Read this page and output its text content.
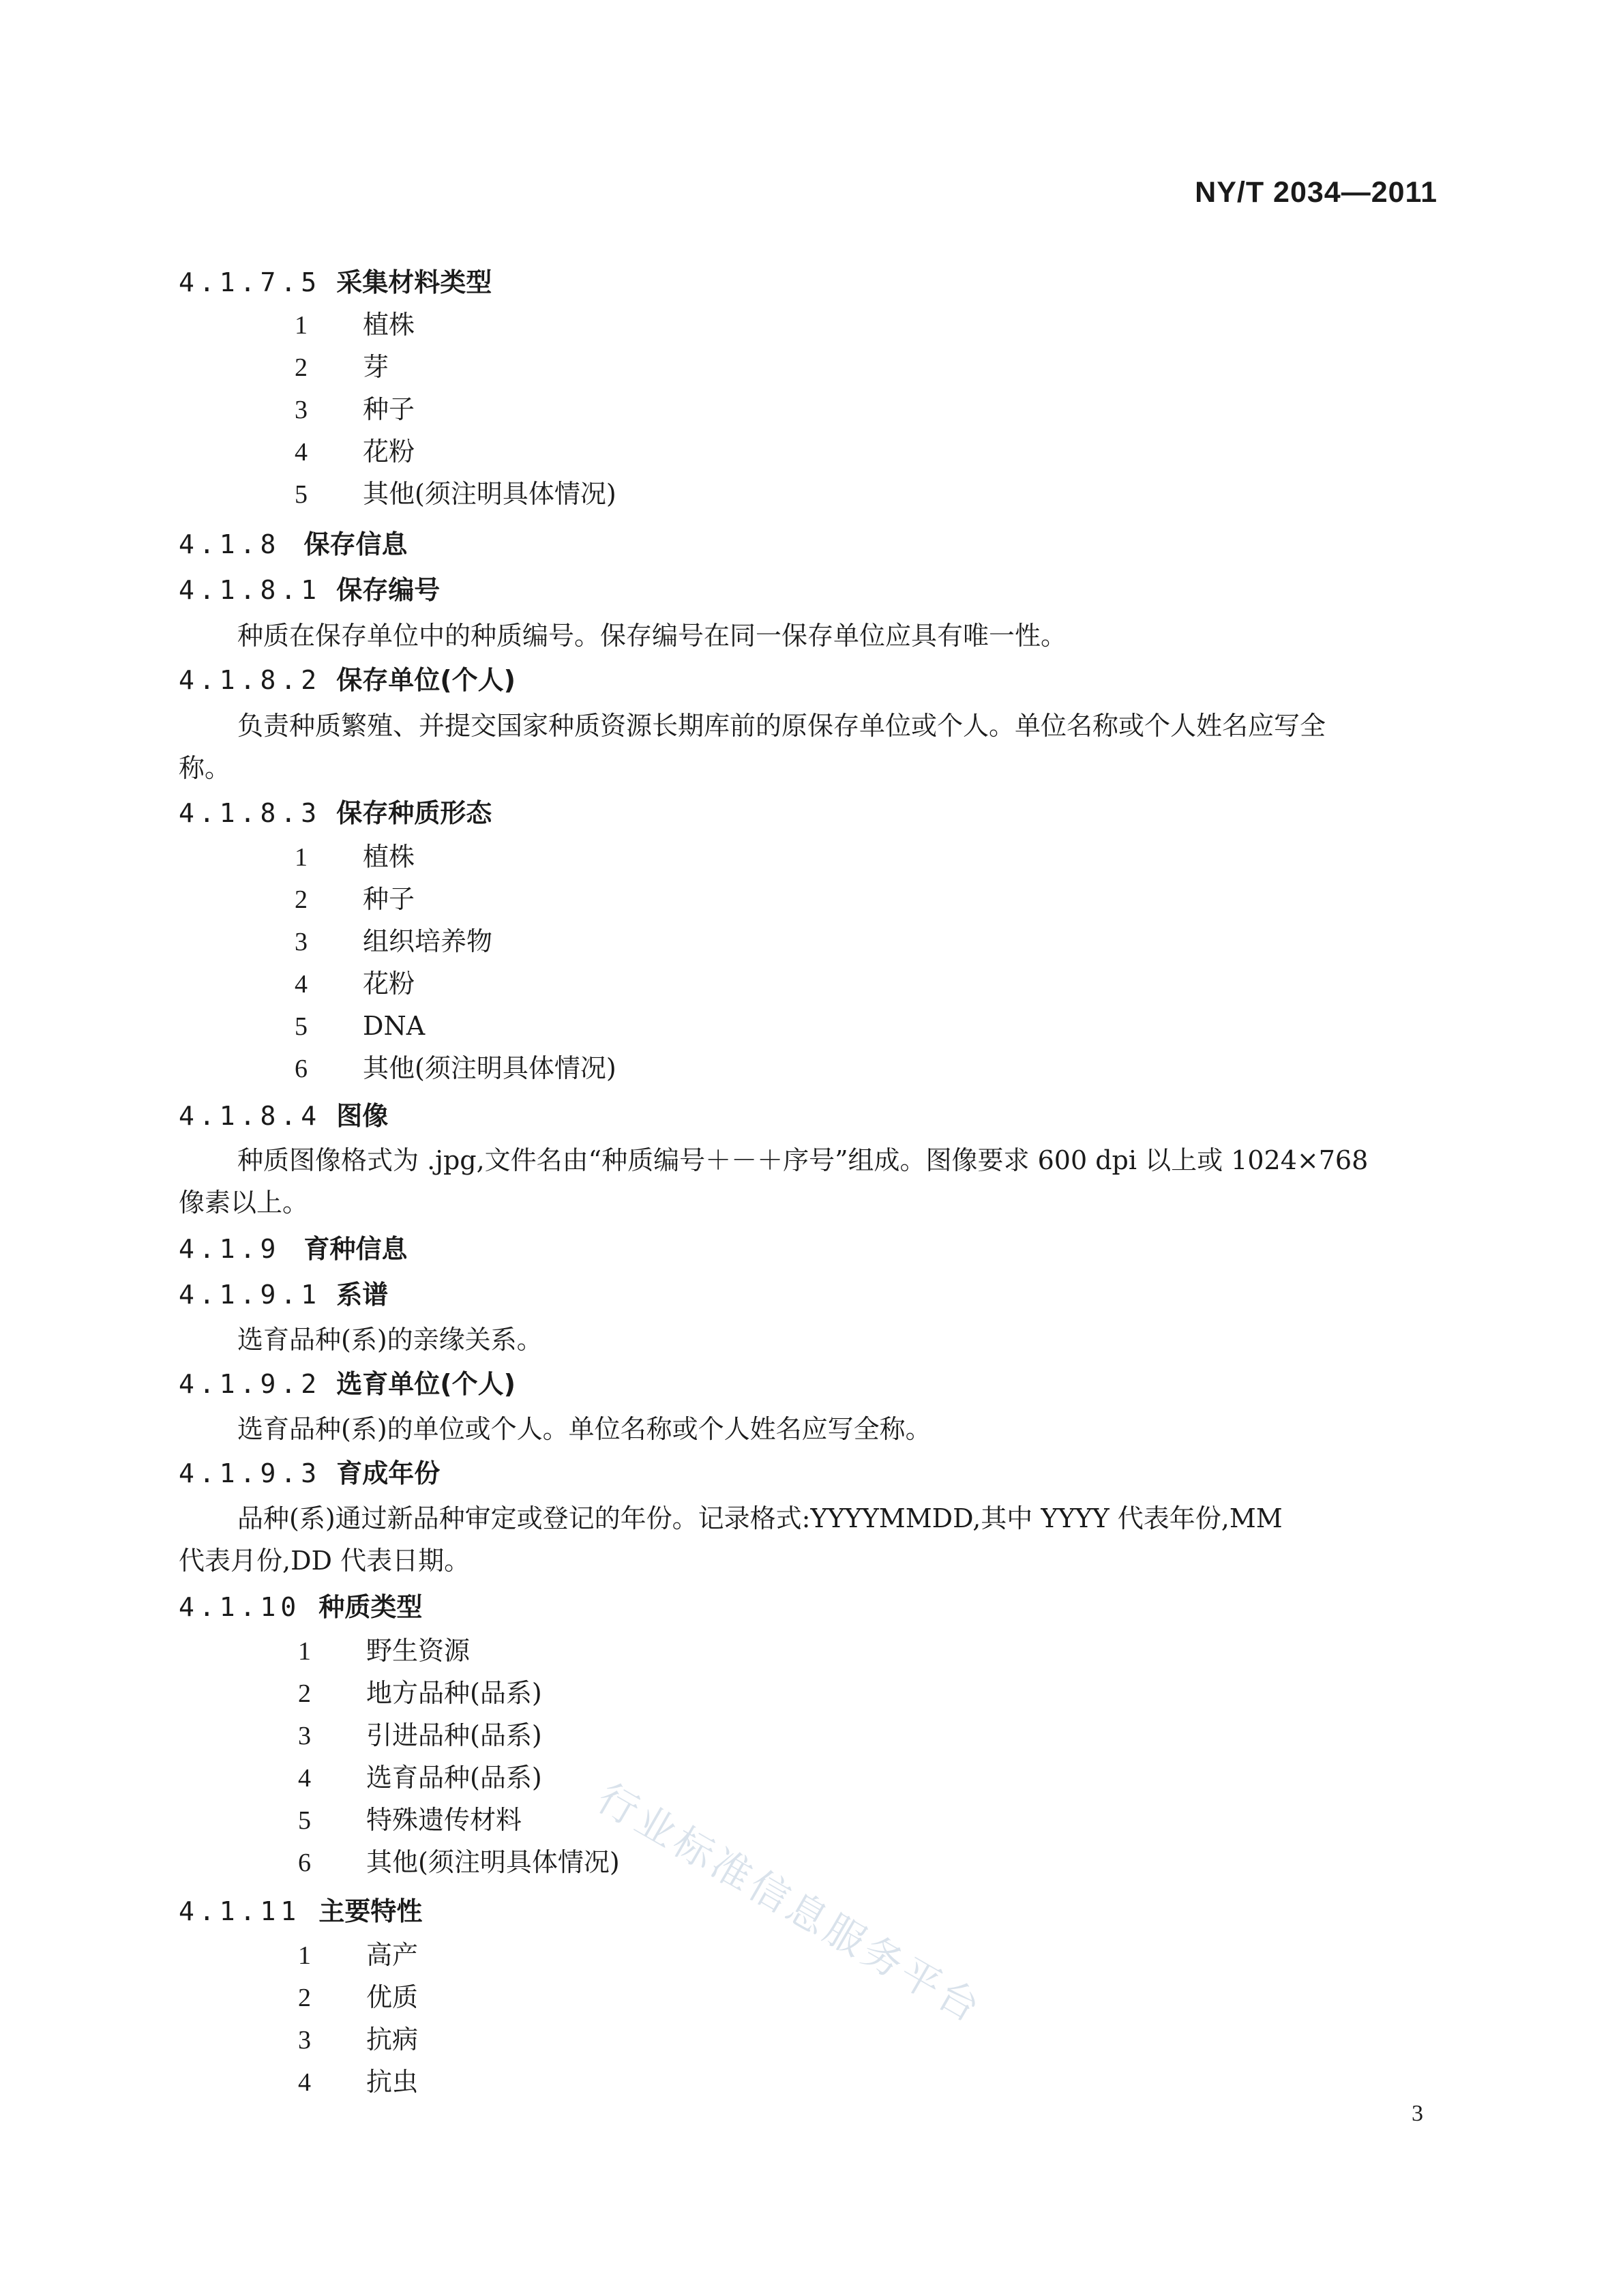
NY/T 2034—2011
4.1.7.5 采集材料类型
1 植株
2 芽
3 种子
4 花粉
5 其他(须注明具体情况)
4.1.8 保存信息
4.1.8.1 保存编号
种质在保存单位中的种质编号。保存编号在同一保存单位应具有唯一性。
4.1.8.2 保存单位(个人)
负责种质繁殖、并提交国家种质资源长期库前的原保存单位或个人。单位名称或个人姓名应写全
称。
4.1.8.3 保存种质形态
1 植株
2 种子
3 组织培养物
4 花粉
5 DNA
6 其他(须注明具体情况)
4.1.8.4 图像
种质图像格式为 .jpg,文件名由“种质编号＋－＋序号”组成。图像要求 600 dpi 以上或 1024×768
像素以上。
4.1.9 育种信息
4.1.9.1 系谱
选育品种(系)的亲缘关系。
4.1.9.2 选育单位(个人)
选育品种(系)的单位或个人。单位名称或个人姓名应写全称。
4.1.9.3 育成年份
品种(系)通过新品种审定或登记的年份。记录格式:YYYYMMDD,其中 YYYY 代表年份,MM
代表月份,DD 代表日期。
4.1.10 种质类型
1 野生资源
2 地方品种(品系)
3 引进品种(品系)
4 选育品种(品系)
5 特殊遗传材料
6 其他(须注明具体情况)
4.1.11 主要特性
1 高产
2 优质
3 抗病
4 抗虫
行业标准信息服务平台
3
